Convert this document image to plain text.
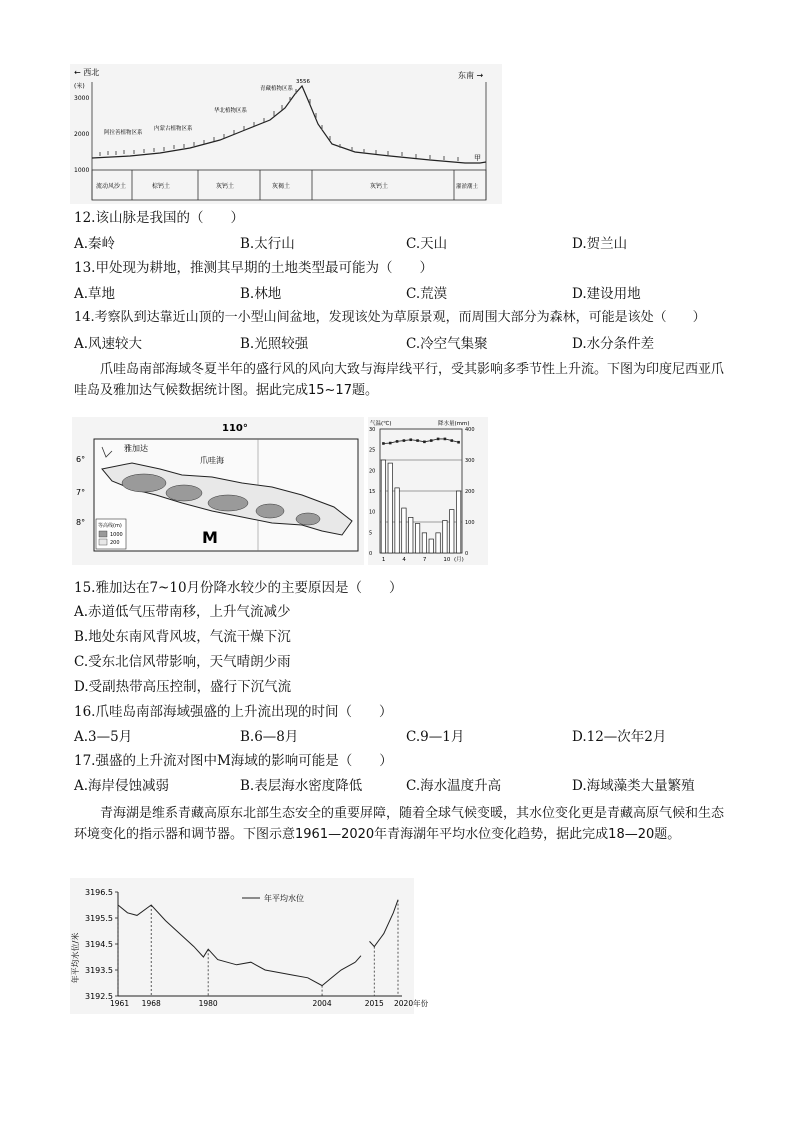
← 西北	东南 →
(米)
3000
2000
1000
3556
阿拉善植物区系
内蒙古植物区系
华北植物区系
青藏植物区系
甲
流动风沙土	棕钙土	灰钙土	灰褐土	灰钙土	灌淤潮土
12.该山脉是我国的（　　）
A.秦岭	B.太行山	C.天山	D.贺兰山
13.甲处现为耕地，推测其早期的土地类型最可能为（　　）
A.草地	B.林地	C.荒漠	D.建设用地
14.考察队到达靠近山顶的一小型山间盆地，发现该处为草原景观，而周围大部分为森林，可能是该处（　　）
A.风速较大	B.光照较强	C.冷空气集聚	D.水分条件差
爪哇岛南部海域冬夏半年的盛行风的风向大致与海岸线平行，受其影响多季节性上升流。下图为印度尼西亚爪哇岛及雅加达气候数据统计图。据此完成15~17题。
110°
6°
7°
8°
雅加达
爪哇海
M
等高线(m)
1000
200
气温(℃)	降水量(mm)
30
25
20
15
10
5
0
400
300
200
100
0
1	4	7	10 (月)
15.雅加达在7~10月份降水较少的主要原因是（　　）
A.赤道低气压带南移，上升气流减少
B.地处东南风背风坡，气流干燥下沉
C.受东北信风带影响，天气晴朗少雨
D.受副热带高压控制，盛行下沉气流
16.爪哇岛南部海域强盛的上升流出现的时间（　　）
A.3—5月	B.6—8月	C.9—1月	D.12—次年2月
17.强盛的上升流对图中M海域的影响可能是（　　）
A.海岸侵蚀减弱	B.表层海水密度降低	C.海水温度升高	D.海域藻类大量繁殖
青海湖是维系青藏高原东北部生态安全的重要屏障，随着全球气候变暖，其水位变化更是青藏高原气候和生态环境变化的指示器和调节器。下图示意1961—2020年青海湖年平均水位变化趋势，据此完成18—20题。
年平均水位/米
年平均水位
3196.5
3195.5
3194.5
3193.5
3192.5
1961 1968	1980	2004	2015 2020年份
